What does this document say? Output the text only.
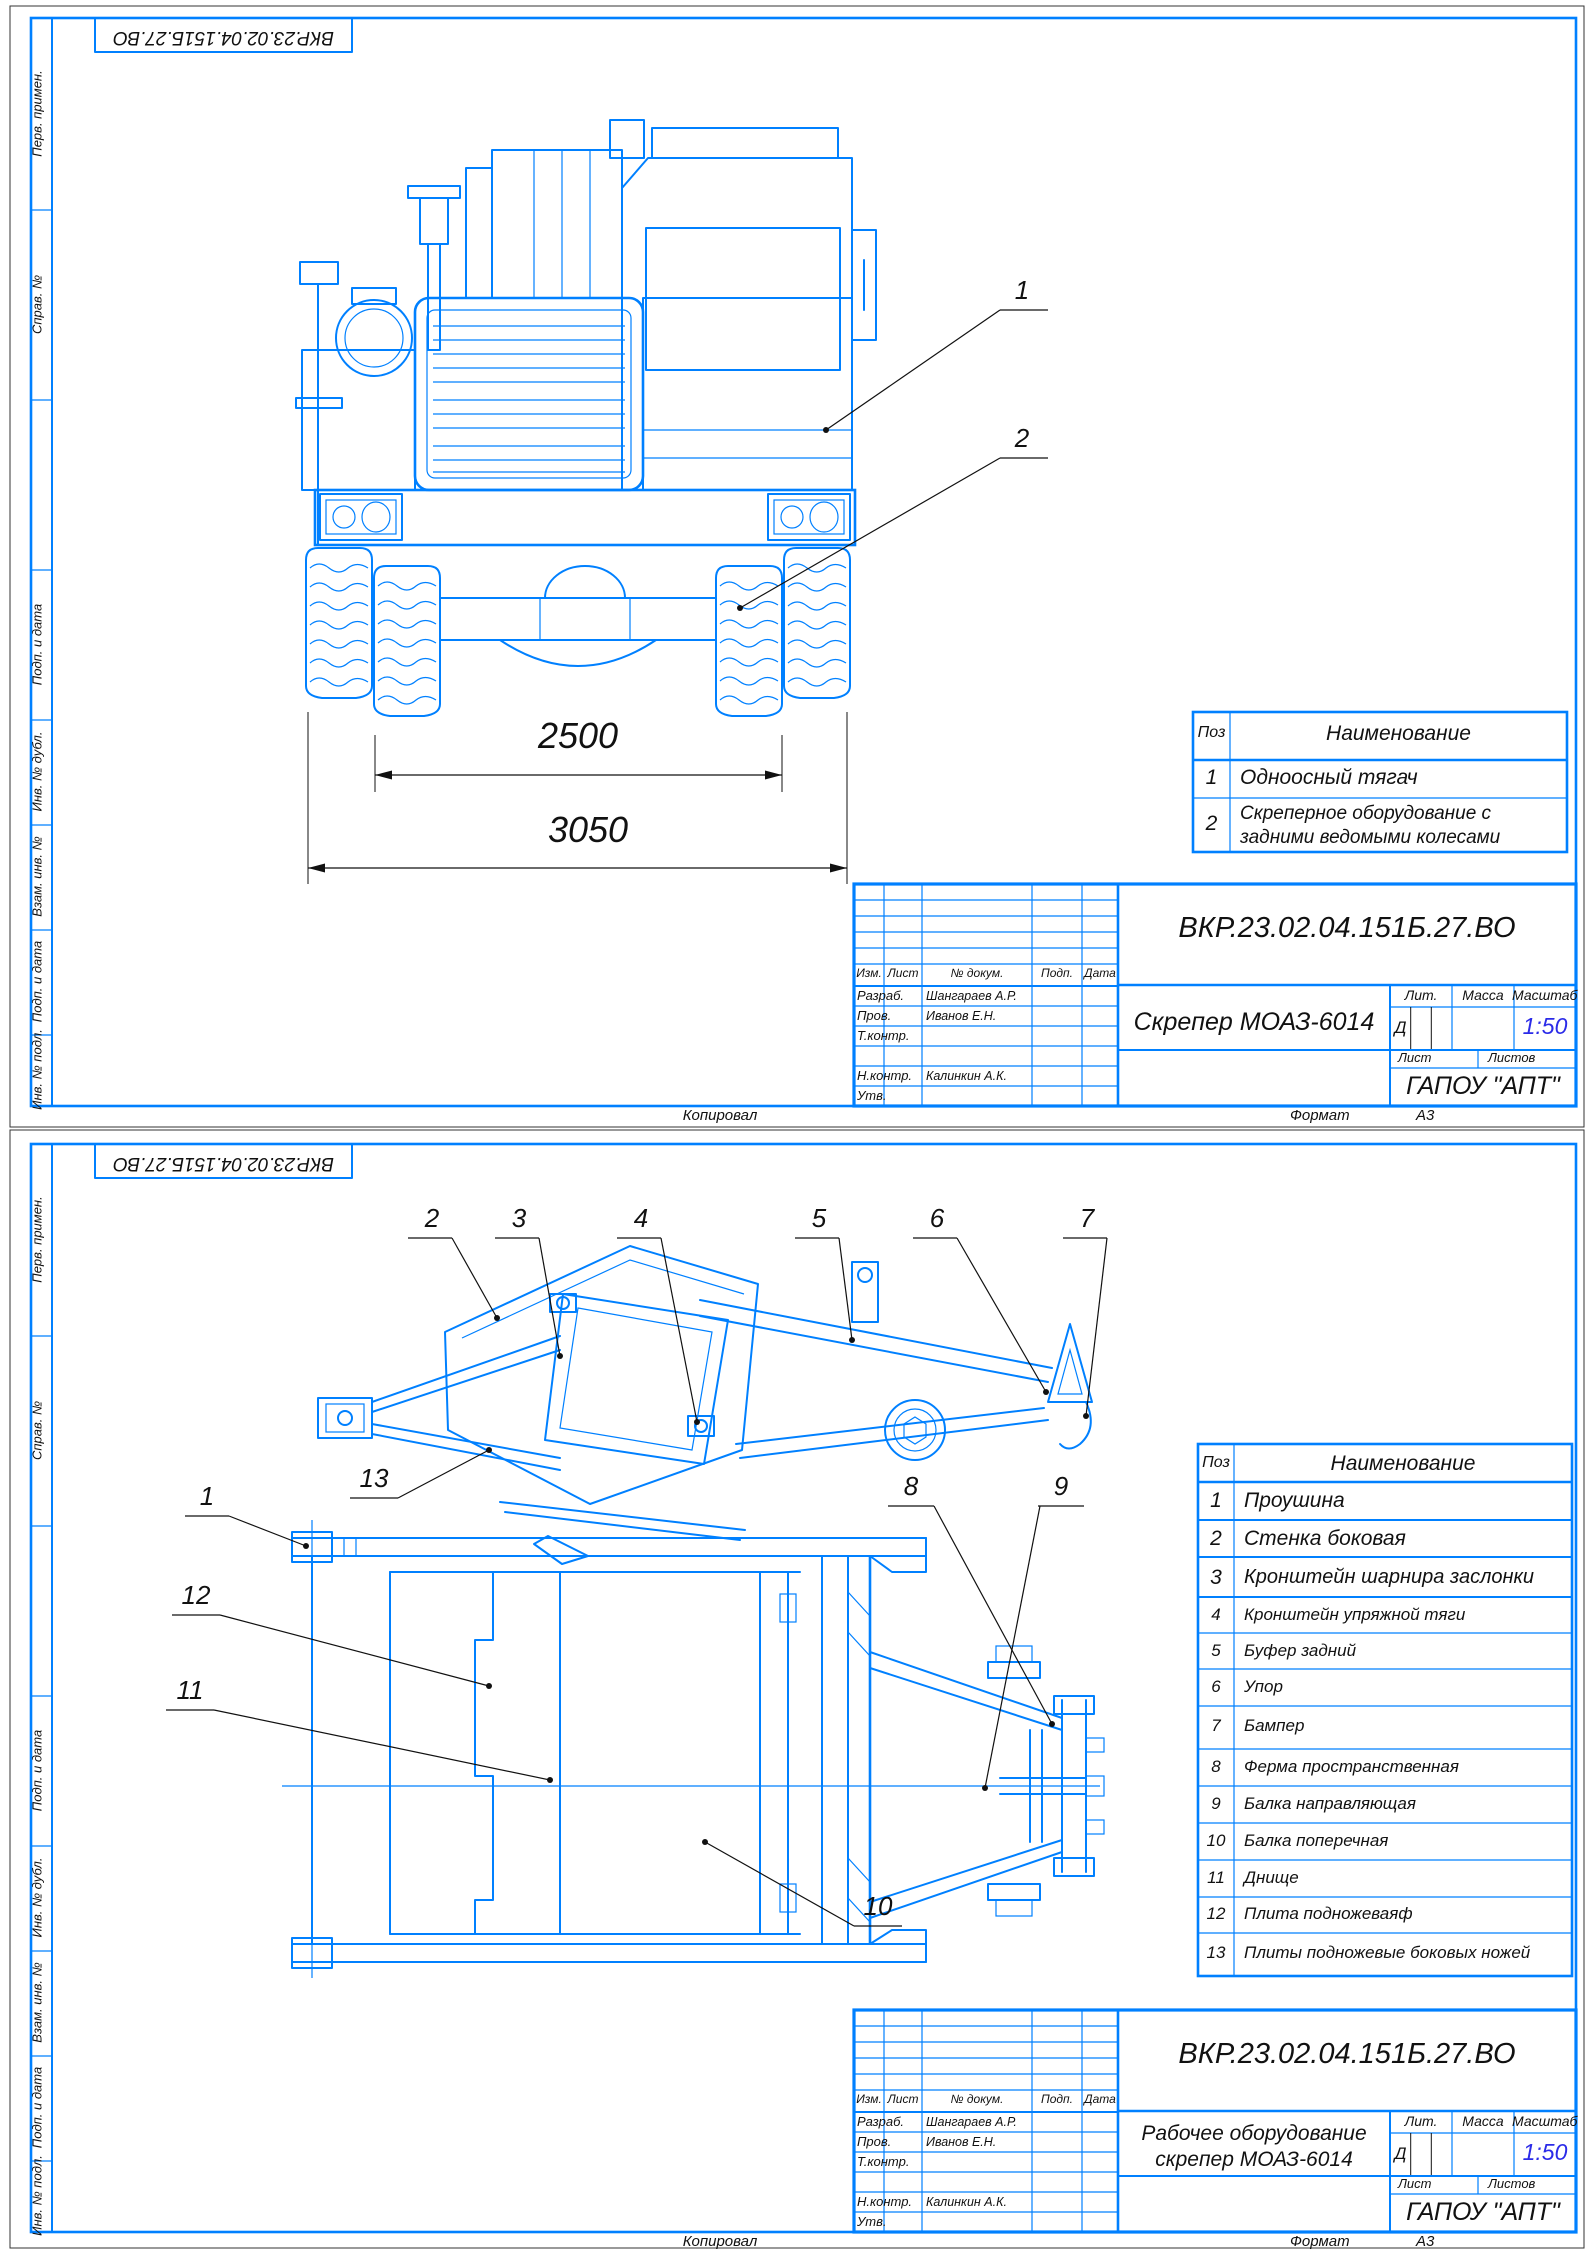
ВКР.23.02.04.151Б.27.ВО
Перв. примен.
Справ. №
Подп. и дата
Инв. № дубл.
Взам. инв. №
Подп. и дата
Инв. № подл.
Копировал	Формат	А3
1
2
2500
3050
Поз	Наименование
1	Одноосный тягач
2	Скреперное оборудование с задними ведомыми колесами
ВКР.23.02.04.151Б.27.ВО
Скрепер МОАЗ-6014
Изм. Лист	№ докум.	Подп. Дата
Разраб.	Шангараев А.Р.
Пров.	Иванов Е.Н.
Т.контр.
Н.контр.	Калинкин А.К.
Утв.
Лит.	Масса Масштаб
Д	1:50
Лист	Листов
ГАПОУ "АПТ"
ВКР.23.02.04.151Б.27.ВО
Перв. примен.
Справ. №
Подп. и дата
Инв. № дубл.
Взам. инв. №
Подп. и дата
Инв. № подл.
Копировал	Формат	А3
2	3	4	5	6	7
13
1
12
11
8	9
10
Поз	Наименование
1	Проушина
2	Стенка боковая
3	Кронштейн шарнира заслонки
4	Кронштейн упряжной тяги
5	Буфер задний
6	Упор
7	Бампер
8	Ферма пространственная
9	Балка направляющая
10	Балка поперечная
11	Днище
12	Плита подножеваяф
13	Плиты подножевые боковых ножей
ВКР.23.02.04.151Б.27.ВО
Рабочее оборудование
скрепер МОАЗ-6014
Изм. Лист	№ докум.	Подп. Дата
Разраб.	Шангараев А.Р.
Пров.	Иванов Е.Н.
Т.контр.
Н.контр.	Калинкин А.К.
Утв.
Лит.	Масса Масштаб
Д	1:50
Лист	Листов
ГАПОУ "АПТ"
